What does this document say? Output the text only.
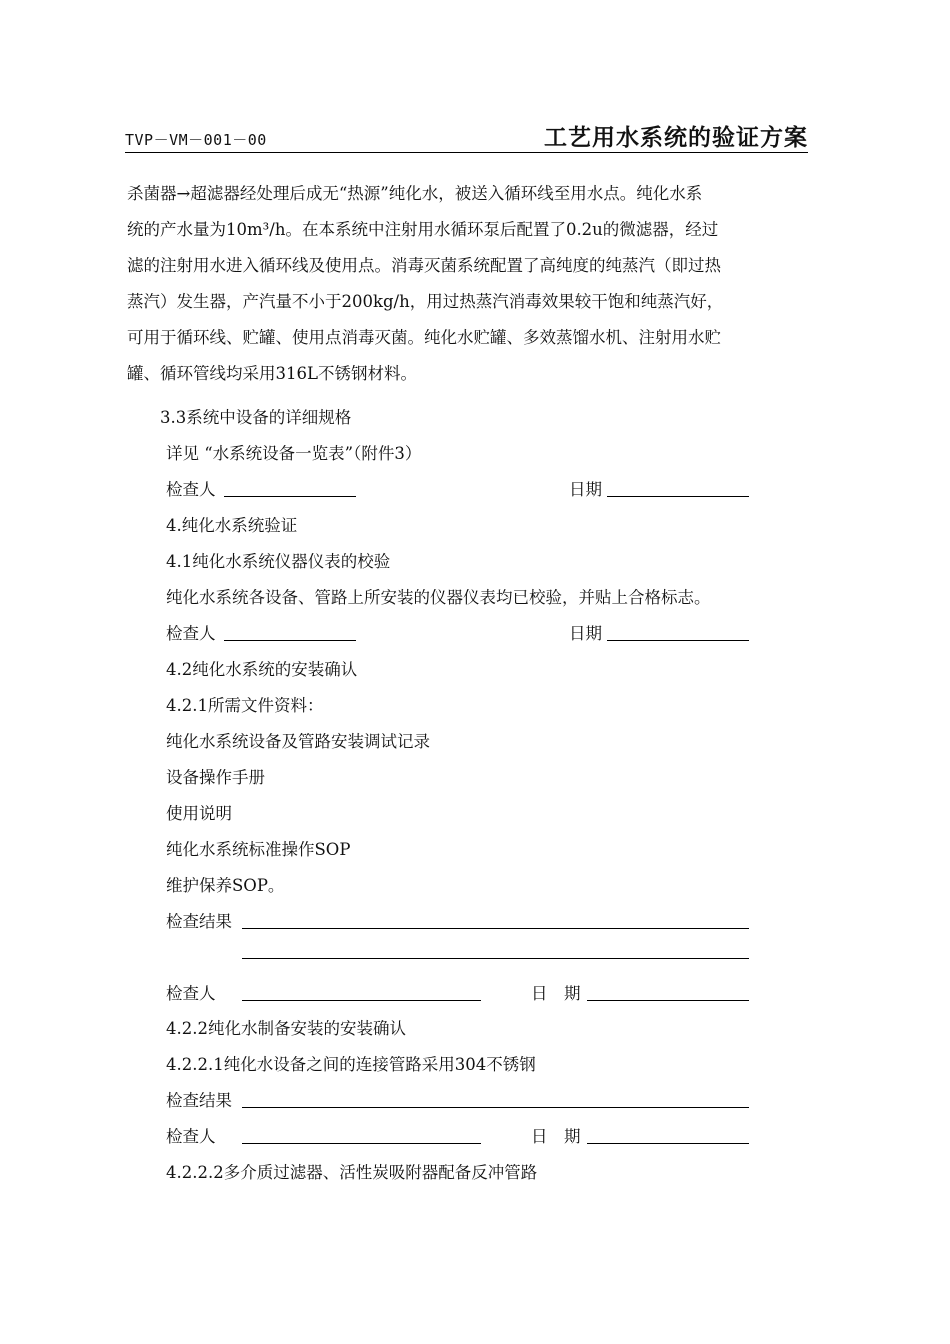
TVP－VM－001－00	工艺用水系统的验证方案

杀菌器→超滤器经处理后成无“热源”纯化水，被送入循环线至用水点。纯化水系

统的产水量为10m³/h。在本系统中注射用水循环泵后配置了0.2u的微滤器，经过

滤的注射用水进入循环线及使用点。消毒灭菌系统配置了高纯度的纯蒸汽（即过热

蒸汽）发生器，产汽量不小于200kg/h，用过热蒸汽消毒效果较干饱和纯蒸汽好，

可用于循环线、贮罐、使用点消毒灭菌。纯化水贮罐、多效蒸馏水机、注射用水贮

罐、循环管线均采用316L不锈钢材料。

3.3系统中设备的详细规格
详见 “水系统设备一览表”（附件3）
检查人	日期
4.纯化水系统验证
4.1纯化水系统仪器仪表的校验
纯化水系统各设备、管路上所安装的仪器仪表均已校验，并贴上合格标志。
检查人	日期
4.2纯化水系统的安装确认
4.2.1所需文件资料：
纯化水系统设备及管路安装调试记录
设备操作手册
使用说明
纯化水系统标准操作SOP
维护保养SOP。
检查结果
检查人	日　期
4.2.2纯化水制备安装的安装确认
4.2.2.1纯化水设备之间的连接管路采用304不锈钢
检查结果
检查人	日　期
4.2.2.2多介质过滤器、活性炭吸附器配备反冲管路
